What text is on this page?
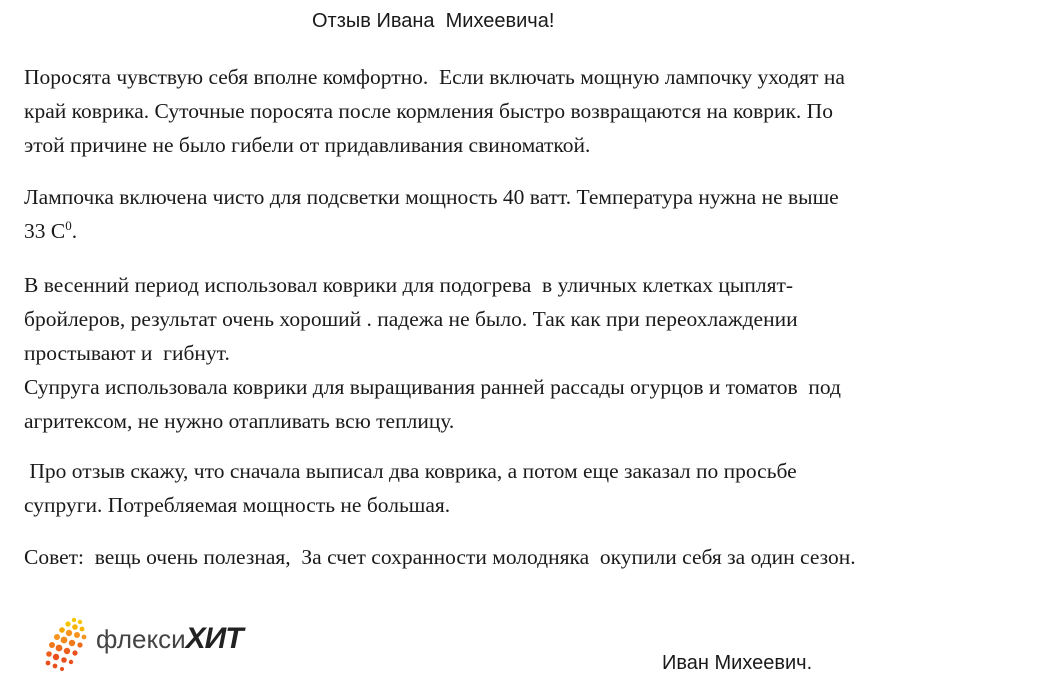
Отзыв Ивана  Михеевича!

Поросята чувствую себя вполне комфортно.  Если включать мощную лампочку уходят на
край коврика. Суточные поросята после кормления быстро возвращаются на коврик. По
этой причине не было гибели от придавливания свиноматкой.

Лампочка включена чисто для подсветки мощность 40 ватт. Температура нужна не выше
33 $С^0$.

В весенний период использовал коврики для подогрева  в уличных клетках цыплят-
бройлеров, результат очень хороший . падежа не было. Так как при переохлаждении
простывают и  гибнут.
Супруга использовала коврики для выращивания ранней рассады огурцов и томатов  под
агритексом, не нужно отапливать всю теплицу.

Про отзыв скажу, что сначала выписал два коврика, а потом еще заказал по просьбе
супруги. Потребляемая мощность не большая.

Совет:  вещь очень полезная,  За счет сохранности молодняка  окупили себя за один сезон.

флексиХИТ
Иван Михеевич.
